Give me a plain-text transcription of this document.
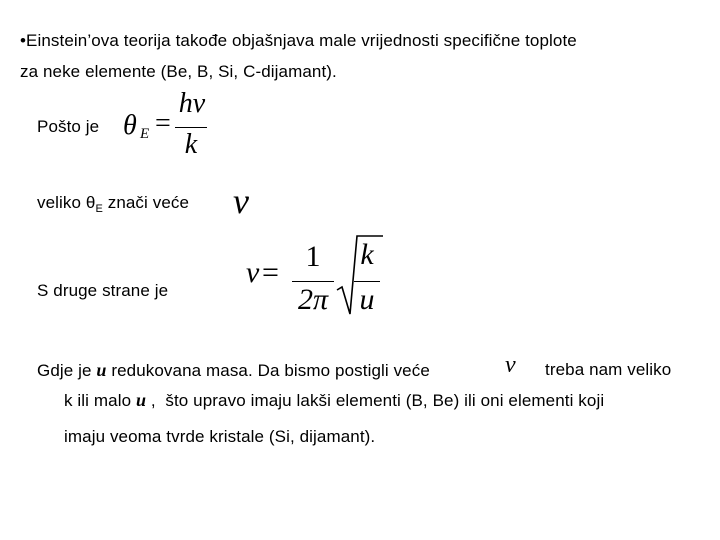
•Einstein’ova teorija takođe objašnjava male vrijednosti specifične toplote
za neke elemente (Be, B, Si, C-dijamant).
Pošto je θ E =
hv
k
veliko $\theta_E$ znači veće v
S druge strane je
v = 1
2π
k
u
Gdje je u redukovana masa. Da bismo postigli veće	v treba nam veliko
k ili malo u ,  što upravo imaju lakši elementi (B, Be) ili oni elementi koji
imaju veoma tvrde kristale (Si, dijamant).
